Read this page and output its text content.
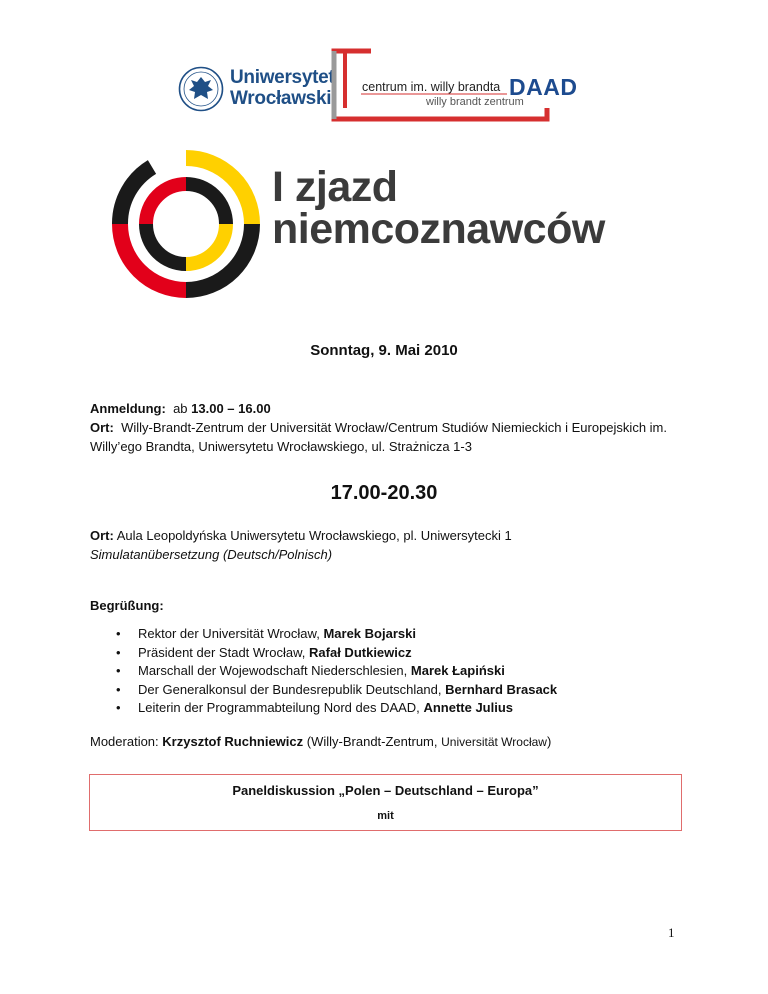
Uniwersytet
Wrocławski
centrum im. willy brandta
willy brandt zentrum
DAAD
I zjazd
niemcoznawców
Sonntag, 9. Mai 2010
Anmeldung: ab 13.00 – 16.00
Ort: Willy-Brandt-Zentrum der Universität Wrocław/Centrum Studiów Niemieckich i Europejskich im. Willy’ego Brandta, Uniwersytetu Wrocławskiego, ul. Strażnicza 1-3
17.00-20.30
Ort: Aula Leopoldyńska Uniwersytetu Wrocławskiego, pl. Uniwersytecki 1
Simulatanübersetzung (Deutsch/Polnisch)
Begrüßung:
• Rektor der Universität Wrocław, Marek Bojarski
• Präsident der Stadt Wrocław, Rafał Dutkiewicz
• Marschall der Wojewodschaft Niederschlesien, Marek Łapiński
• Der Generalkonsul der Bundesrepublik Deutschland, Bernhard Brasack
• Leiterin der Programmabteilung Nord des DAAD, Annette Julius
Moderation: Krzysztof Ruchniewicz (Willy-Brandt-Zentrum, Universität Wrocław)
Paneldiskussion „Polen – Deutschland – Europa”
mit
1
